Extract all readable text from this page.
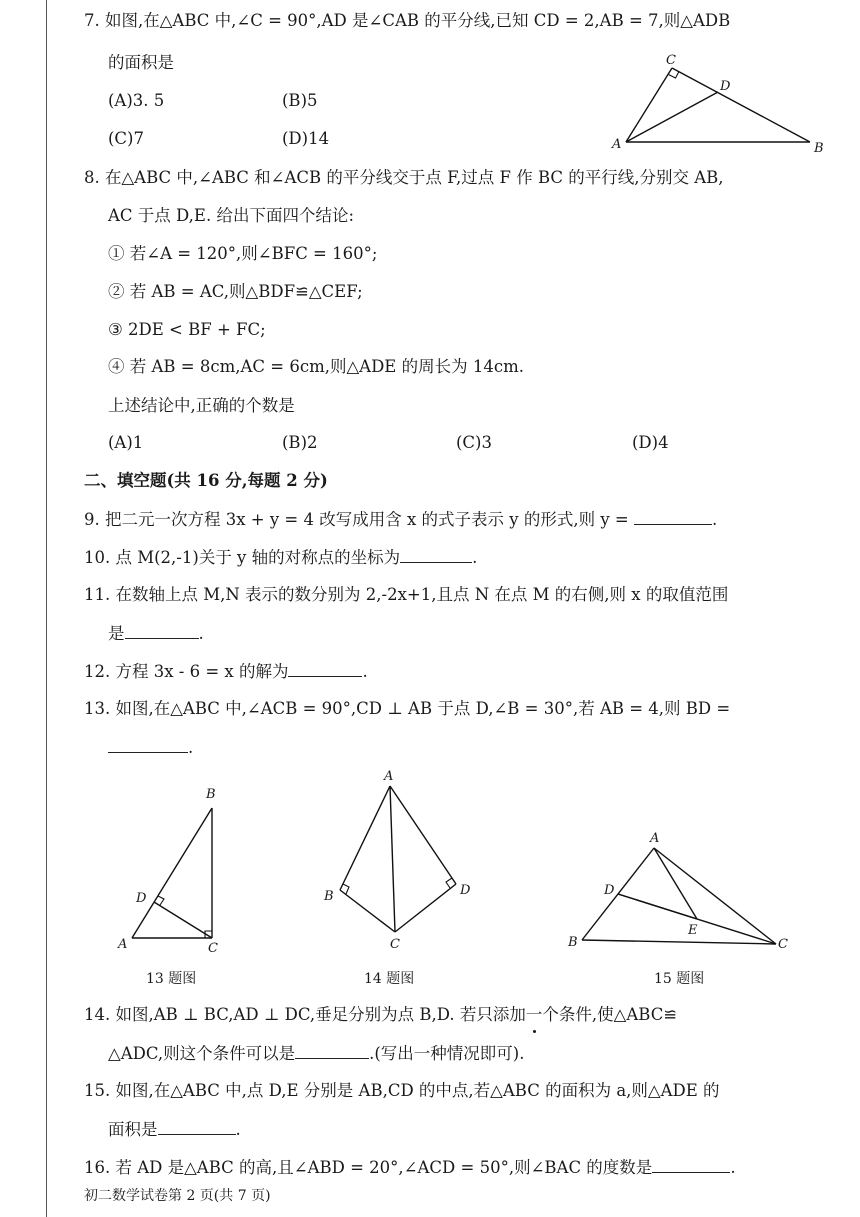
7. 如图,在△ABC 中,∠C = 90°,AD 是∠CAB 的平分线,已知 CD = 2,AB = 7,则△ADB
的面积是
(A)3. 5	(B)5
(C)7	(D)14
C
D
A	B
8. 在△ABC 中,∠ABC 和∠ACB 的平分线交于点 F,过点 F 作 BC 的平行线,分别交 AB,
AC 于点 D,E. 给出下面四个结论:
① 若∠A = 120°,则∠BFC = 160°;
② 若 AB = AC,则△BDF≌△CEF;
③ 2DE < BF + FC;
④ 若 AB = 8cm,AC = 6cm,则△ADE 的周长为 14cm.
上述结论中,正确的个数是
(A)1	(B)2	(C)3	(D)4
二、填空题(共 16 分,每题 2 分)
9. 把二元一次方程 3x + y = 4 改写成用含 x 的式子表示 y 的形式,则 y =	.
10. 点 M(2,-1)关于 y 轴的对称点的坐标为	.
11. 在数轴上点 M,N 表示的数分别为 2,-2x+1,且点 N 在点 M 的右侧,则 x 的取值范围
是	.
12. 方程 3x - 6 = x 的解为	.
13. 如图,在△ABC 中,∠ACB = 90°,CD ⊥ AB 于点 D,∠B = 30°,若 AB = 4,则 BD =
.
B
D
A	C
13 题图
A
B	D
C
14 题图
A
D
E
B	C
15 题图
14. 如图,AB ⊥ BC,AD ⊥ DC,垂足分别为点 B,D. 若只添加一个条件,使△ABC≌
△ADC,则这个条件可以是	.(写出一种情况即可).
15. 如图,在△ABC 中,点 D,E 分别是 AB,CD 的中点,若△ABC 的面积为 a,则△ADE 的
面积是	.
16. 若 AD 是△ABC 的高,且∠ABD = 20°,∠ACD = 50°,则∠BAC 的度数是	.
初二数学试卷第 2 页(共 7 页)
